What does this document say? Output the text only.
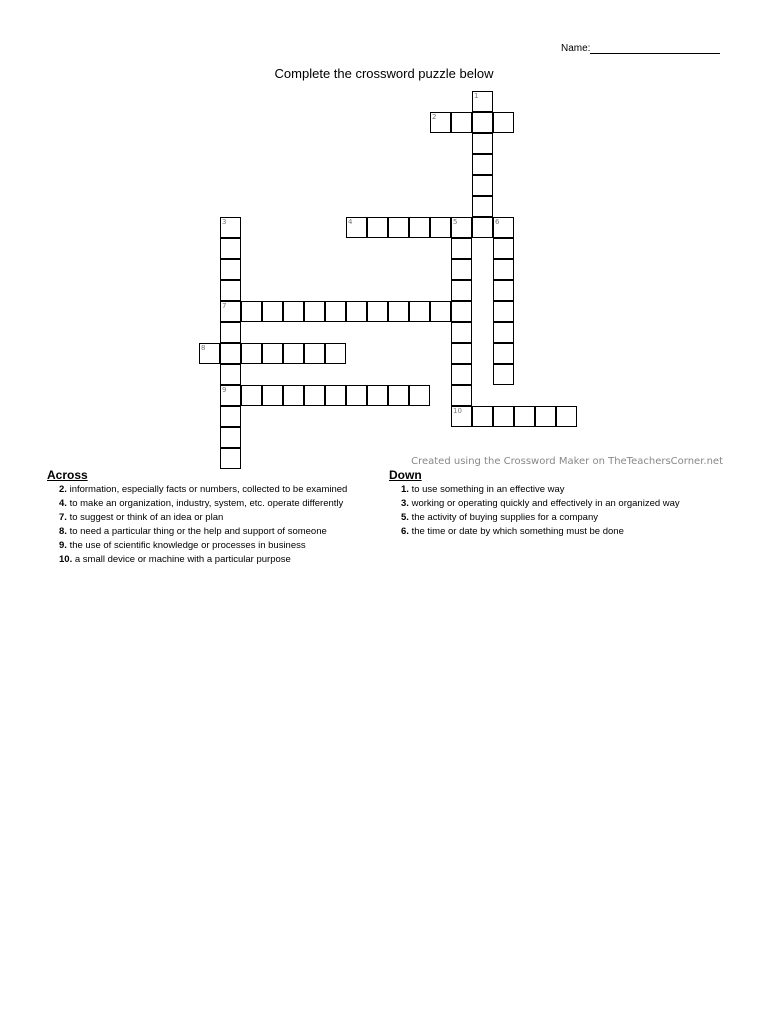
Name:
Complete the crossword puzzle below
1
2
3
7
9
4	5	6
8
10
Created using the Crossword Maker on TheTeachersCorner.net
Across
2. information, especially facts or numbers, collected to be examined
4. to make an organization, industry, system, etc. operate differently
7. to suggest or think of an idea or plan
8. to need a particular thing or the help and support of someone
9. the use of scientific knowledge or processes in business
10. a small device or machine with a particular purpose
Down
1. to use something in an effective way
3. working or operating quickly and effectively in an organized way
5. the activity of buying supplies for a company
6. the time or date by which something must be done
